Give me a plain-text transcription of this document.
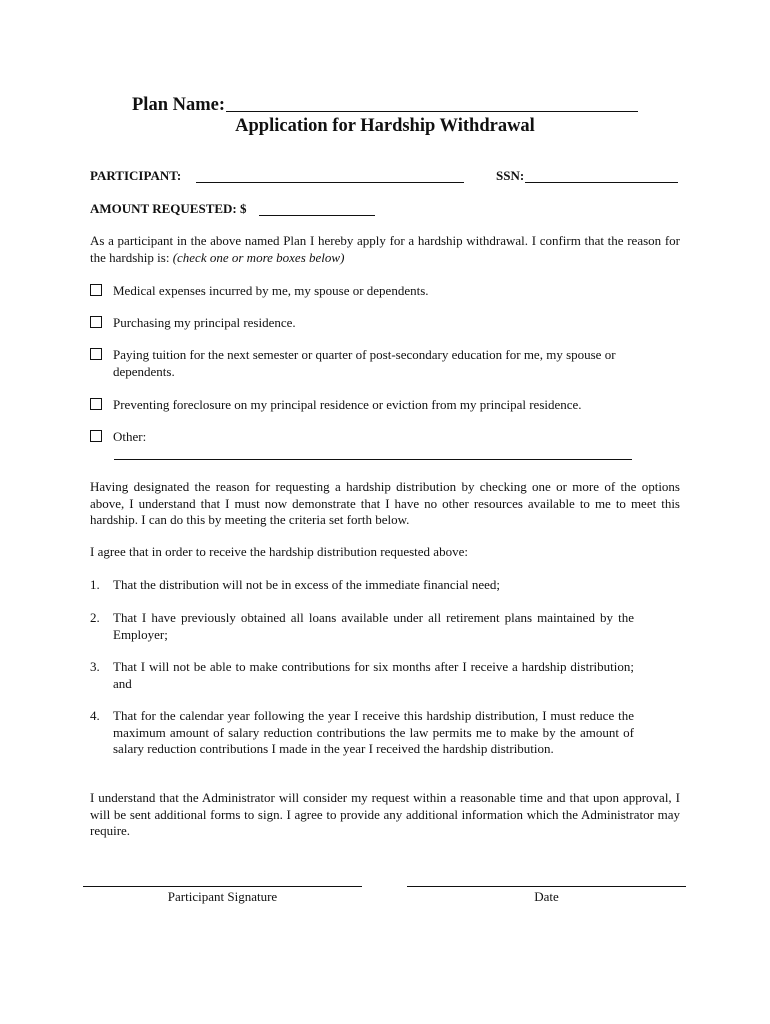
Plan Name:
Application for Hardship Withdrawal
PARTICIPANT:	SSN:
AMOUNT REQUESTED: $
As a participant in the above named Plan I hereby apply for a hardship withdrawal. I confirm that the reason for the hardship is: (check one or more boxes below)
Medical expenses incurred by me, my spouse or dependents.
Purchasing my principal residence.
Paying tuition for the next semester or quarter of post-secondary education for me, my spouse or dependents.
Preventing foreclosure on my principal residence or eviction from my principal residence.
Other:
Having designated the reason for requesting a hardship distribution by checking one or more of the options above, I understand that I must now demonstrate that I have no other resources available to me to meet this hardship. I can do this by meeting the criteria set forth below.
I agree that in order to receive the hardship distribution requested above:
1. That the distribution will not be in excess of the immediate financial need;
2. That I have previously obtained all loans available under all retirement plans maintained by the Employer;
3. That I will not be able to make contributions for six months after I receive a hardship distribution; and
4. That for the calendar year following the year I receive this hardship distribution, I must reduce the maximum amount of salary reduction contributions the law permits me to make by the amount of salary reduction contributions I made in the year I received the hardship distribution.
I understand that the Administrator will consider my request within a reasonable time and that upon approval, I will be sent additional forms to sign. I agree to provide any additional information which the Administrator may require.
Participant Signature	Date
